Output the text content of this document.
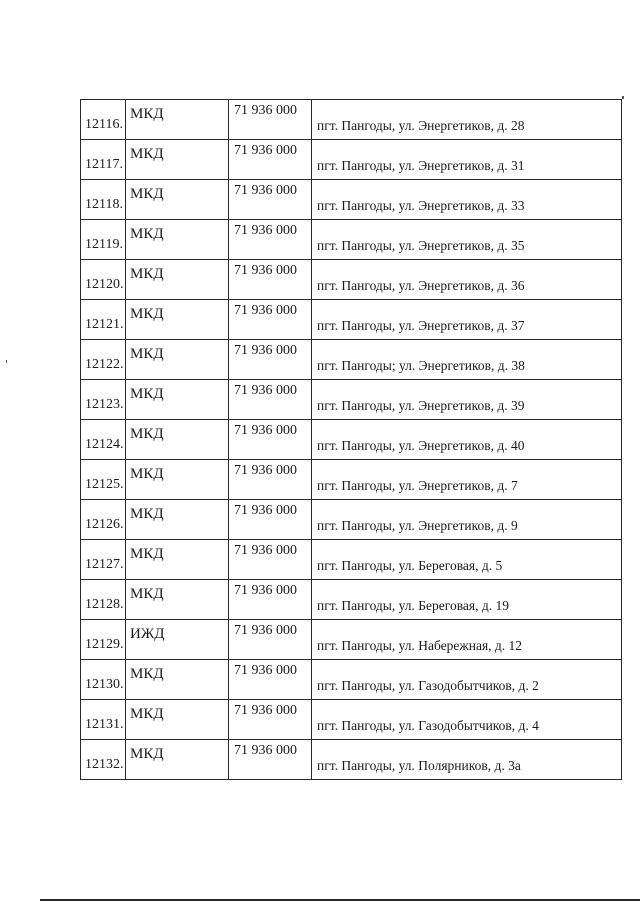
12116.	МКД	71 936 000	пгт. Пангоды, ул. Энергетиков, д. 28

12117.	МКД	71 936 000	пгт. Пангоды, ул. Энергетиков, д. 31

12118.	МКД	71 936 000	пгт. Пангоды, ул. Энергетиков, д. 33

12119.	МКД	71 936 000	пгт. Пангоды, ул. Энергетиков, д. 35

12120.	МКД	71 936 000	пгт. Пангоды, ул. Энергетиков, д. 36

12121.	МКД	71 936 000	пгт. Пангоды, ул. Энергетиков, д. 37

12122.	МКД	71 936 000	пгт. Пангоды; ул. Энергетиков, д. 38

12123.	МКД	71 936 000	пгт. Пангоды, ул. Энергетиков, д. 39

12124.	МКД	71 936 000	пгт. Пангоды, ул. Энергетиков, д. 40

12125.	МКД	71 936 000	пгт. Пангоды, ул. Энергетиков, д. 7

12126.	МКД	71 936 000	пгт. Пангоды, ул. Энергетиков, д. 9

12127.	МКД	71 936 000	пгт. Пангоды, ул. Береговая, д. 5

12128.	МКД	71 936 000	пгт. Пангоды, ул. Береговая, д. 19

12129.	ИЖД	71 936 000	пгт. Пангоды, ул. Набережная, д. 12

12130.	МКД	71 936 000	пгт. Пангоды, ул. Газодобытчиков, д. 2

12131.	МКД	71 936 000	пгт. Пангоды, ул. Газодобытчиков, д. 4

12132.	МКД	71 936 000	пгт. Пангоды, ул. Полярников, д. 3а
